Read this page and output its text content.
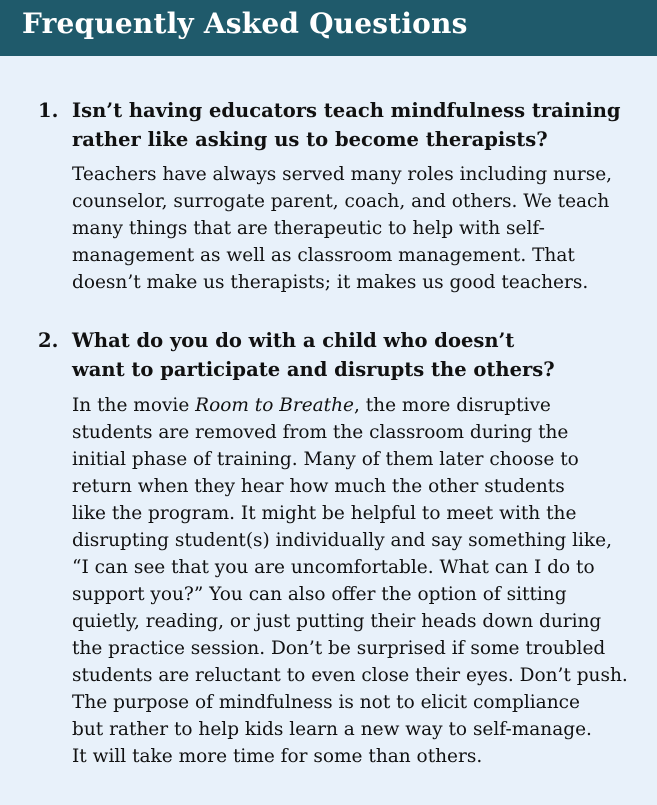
Frequently Asked Questions
1. Isn’t having educators teach mindfulness training
rather like asking us to become therapists?
Teachers have always served many roles including nurse,
counselor, surrogate parent, coach, and others. We teach
many things that are therapeutic to help with self-
management as well as classroom management. That
doesn’t make us therapists; it makes us good teachers.
2. What do you do with a child who doesn’t
want to participate and disrupts the others?
In the movie Room to Breathe, the more disruptive
students are removed from the classroom during the
initial phase of training. Many of them later choose to
return when they hear how much the other students
like the program. It might be helpful to meet with the
disrupting student(s) individually and say something like,
“I can see that you are uncomfortable. What can I do to
support you?” You can also offer the option of sitting
quietly, reading, or just putting their heads down during
the practice session. Don’t be surprised if some troubled
students are reluctant to even close their eyes. Don’t push.
The purpose of mindfulness is not to elicit compliance
but rather to help kids learn a new way to self-manage.
It will take more time for some than others.
